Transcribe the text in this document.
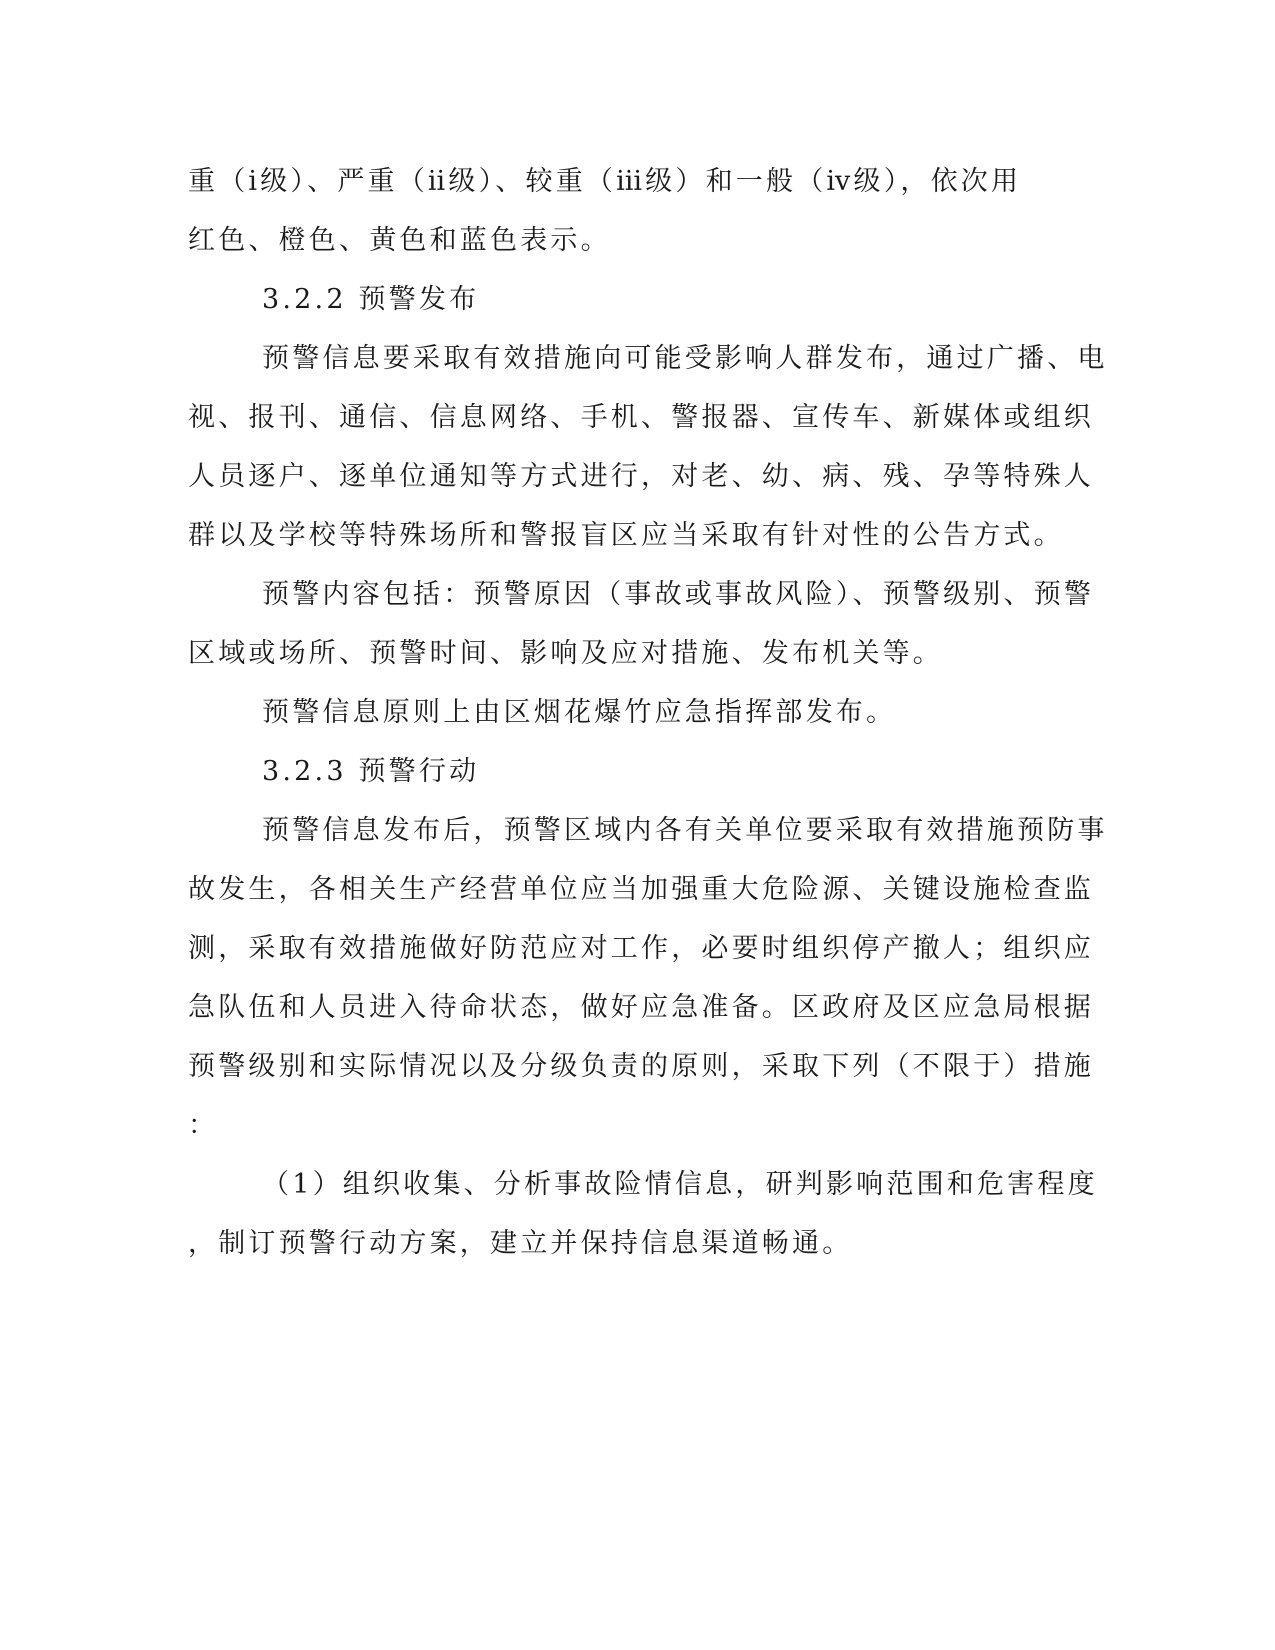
重（ⅰ级）、严重（ⅱ级）、较重（ⅲ级）和一般（ⅳ级），依次用
红色、橙色、黄色和蓝色表示。
3.2.2 预警发布
预警信息要采取有效措施向可能受影响人群发布，通过广播、电
视、报刊、通信、信息网络、手机、警报器、宣传车、新媒体或组织
人员逐户、逐单位通知等方式进行，对老、幼、病、残、孕等特殊人
群以及学校等特殊场所和警报盲区应当采取有针对性的公告方式。
预警内容包括：预警原因（事故或事故风险）、预警级别、预警
区域或场所、预警时间、影响及应对措施、发布机关等。
预警信息原则上由区烟花爆竹应急指挥部发布。
3.2.3 预警行动
预警信息发布后，预警区域内各有关单位要采取有效措施预防事
故发生，各相关生产经营单位应当加强重大危险源、关键设施检查监
测，采取有效措施做好防范应对工作，必要时组织停产撤人；组织应
急队伍和人员进入待命状态，做好应急准备。区政府及区应急局根据
预警级别和实际情况以及分级负责的原则，采取下列（不限于）措施
：
（1）组织收集、分析事故险情信息，研判影响范围和危害程度
，制订预警行动方案，建立并保持信息渠道畅通。
